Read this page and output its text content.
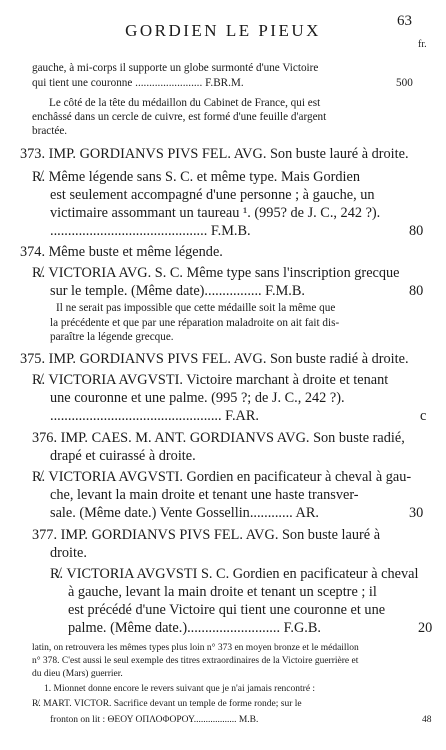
GORDIEN LE PIEUX	63
fr.
gauche, à mi-corps il supporte un globe surmonté d'une Victoire
qui tient une couronne ........................ F.BR.M.
Le côté de la tête du médaillon du Cabinet de France, qui est
enchâssé dans un cercle de cuivre, est formé d'une feuille d'argent
bractée.
373. IMP. GORDIANVS PIVS FEL. AVG. Son buste lauré à droite.
R̸. Même légende sans S. C. et même type. Mais Gordien
est seulement accompagné d'une personne ; à gauche, un
victimaire assommant un taureau ¹. (995? de J. C., 242 ?).
............................................ F.M.B.
374. Même buste et même légende.
R̸. VICTORIA AVG. S. C. Même type sans l'inscription grecque
sur le temple. (Même date)................ F.M.B.
Il ne serait pas impossible que cette médaille soit la même que
la précédente et que par une réparation maladroite on ait fait dis-
paraître la légende grecque.
375. IMP. GORDIANVS PIVS FEL. AVG. Son buste radié à droite.
R̸. VICTORIA AVGVSTI. Victoire marchant à droite et tenant
une couronne et une palme. (995 ?; de J. C., 242 ?).
................................................ F.AR.
376. IMP. CAES. M. ANT. GORDIANVS AVG. Son buste radié,
drapé et cuirassé à droite.
R̸. VICTORIA AVGVSTI. Gordien en pacificateur à cheval à gau-
che, levant la main droite et tenant une haste transver-
sale. (Même date.) Vente Gossellin............ AR.
377. IMP. GORDIANVS PIVS FEL. AVG. Son buste lauré à
droite.
R̸. VICTORIA AVGVSTI S. C. Gordien en pacificateur à cheval
à gauche, levant la main droite et tenant un sceptre ; il
est précédé d'une Victoire qui tient une couronne et une
palme. (Même date.).......................... F.G.B.
latin, on retrouvera les mêmes types plus loin n° 373 en moyen bronze et le médaillon
n° 378. C'est aussi le seul exemple des titres extraordinaires de la Victoire guerrière et
du dieu (Mars) guerrier.
1. Mionnet donne encore le revers suivant que je n'ai jamais rencontré :
R̸. MART. VICTOR. Sacrifice devant un temple de forme ronde; sur le
fronton on lit : ΘΕΟΥ ΟΠΛΟΦΟΡΟΥ.................. M.B.
500
80
80
c
30
20
48
